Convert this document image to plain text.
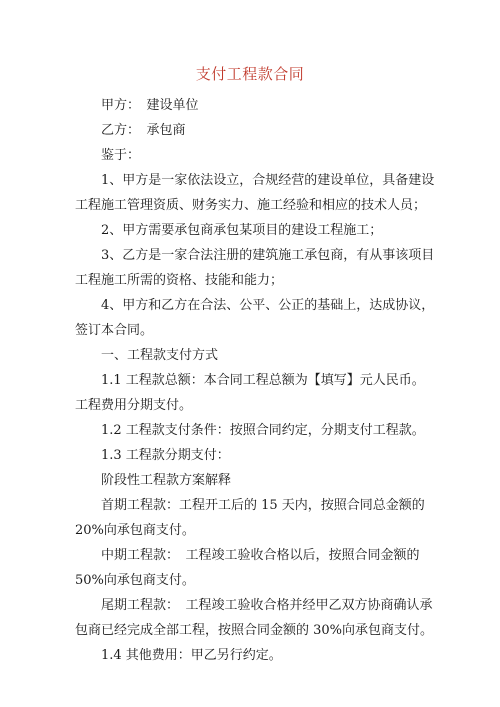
支付工程款合同

甲方：　建设单位

乙方：　承包商

鉴于：

1、甲方是一家依法设立，合规经营的建设单位，具备建设工程施工管理资质、财务实力、施工经验和相应的技术人员；

2、甲方需要承包商承包某项目的建设工程施工；

3、乙方是一家合法注册的建筑施工承包商，有从事该项目工程施工所需的资格、技能和能力；

4、甲方和乙方在合法、公平、公正的基础上，达成协议，签订本合同。

一、工程款支付方式

1.1 工程款总额：本合同工程总额为【填写】元人民币。工程费用分期支付。

1.2 工程款支付条件：按照合同约定，分期支付工程款。

1.3 工程款分期支付：

阶段性工程款方案解释

首期工程款：工程开工后的 15 天内，按照合同总金额的 20%向承包商支付。

中期工程款：　工程竣工验收合格以后，按照合同金额的 50%向承包商支付。

尾期工程款：　工程竣工验收合格并经甲乙双方协商确认承包商已经完成全部工程，按照合同金额的 30%向承包商支付。

1.4 其他费用：甲乙另行约定。
